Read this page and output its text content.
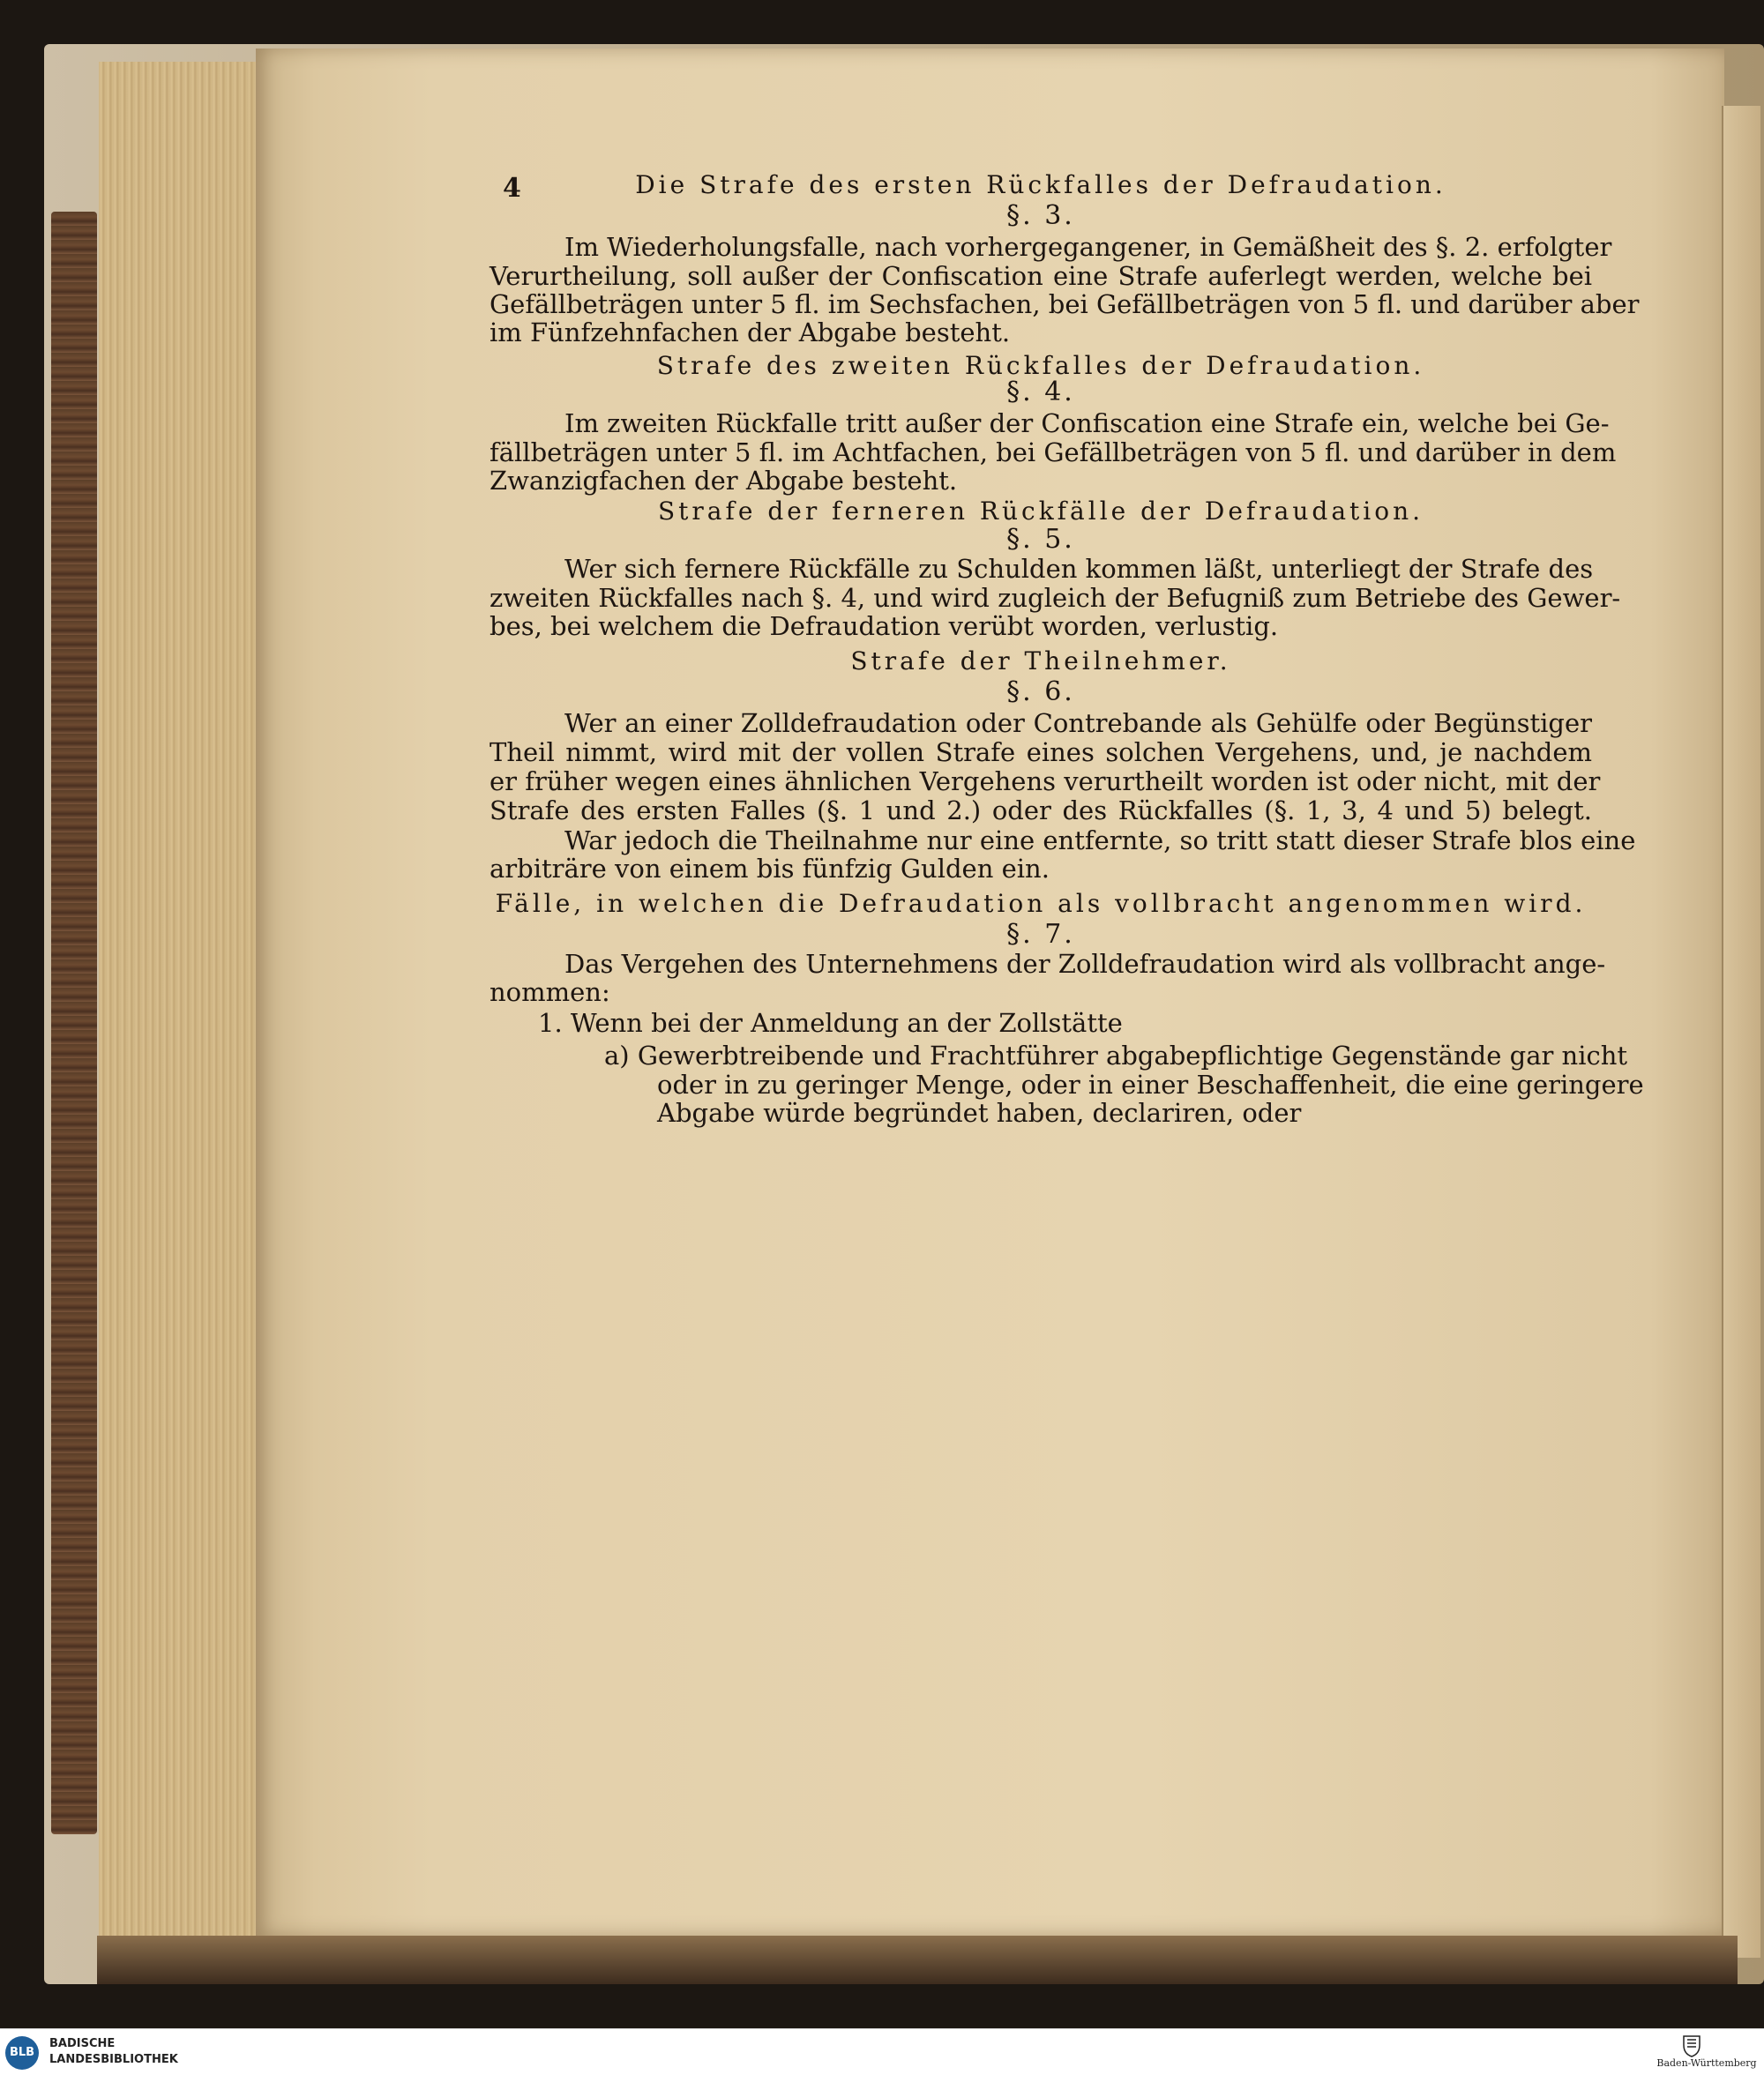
4	Die Strafe des ersten Rückfalles der Defraudation.
§. 3.
Im Wiederholungsfalle, nach vorhergegangener, in Gemäßheit des §. 2. erfolgter
Verurtheilung, soll außer der Confiscation eine Strafe auferlegt werden, welche bei
Gefällbeträgen unter 5 fl. im Sechsfachen, bei Gefällbeträgen von 5 fl. und darüber aber
im Fünfzehnfachen der Abgabe besteht.
Strafe des zweiten Rückfalles der Defraudation.
§. 4.
Im zweiten Rückfalle tritt außer der Confiscation eine Strafe ein, welche bei Ge-
fällbeträgen unter 5 fl. im Achtfachen, bei Gefällbeträgen von 5 fl. und darüber in dem
Zwanzigfachen der Abgabe besteht.
Strafe der ferneren Rückfälle der Defraudation.
§. 5.
Wer sich fernere Rückfälle zu Schulden kommen läßt, unterliegt der Strafe des
zweiten Rückfalles nach §. 4, und wird zugleich der Befugniß zum Betriebe des Gewer-
bes, bei welchem die Defraudation verübt worden, verlustig.
Strafe der Theilnehmer.
§. 6.
Wer an einer Zolldefraudation oder Contrebande als Gehülfe oder Begünstiger
Theil nimmt, wird mit der vollen Strafe eines solchen Vergehens, und, je nachdem
er früher wegen eines ähnlichen Vergehens verurtheilt worden ist oder nicht, mit der
Strafe des ersten Falles (§. 1 und 2.) oder des Rückfalles (§. 1, 3, 4 und 5) belegt.
War jedoch die Theilnahme nur eine entfernte, so tritt statt dieser Strafe blos eine
arbiträre von einem bis fünfzig Gulden ein.
Fälle, in welchen die Defraudation als vollbracht angenommen wird.
§. 7.
Das Vergehen des Unternehmens der Zolldefraudation wird als vollbracht ange-
nommen:
1. Wenn bei der Anmeldung an der Zollstätte
a) Gewerbtreibende und Frachtführer abgabepflichtige Gegenstände gar nicht
oder in zu geringer Menge, oder in einer Beschaffenheit, die eine geringere
Abgabe würde begründet haben, declariren, oder
BLB
BADISCHE
LANDESBIBLIOTHEK	Baden-Württemberg
